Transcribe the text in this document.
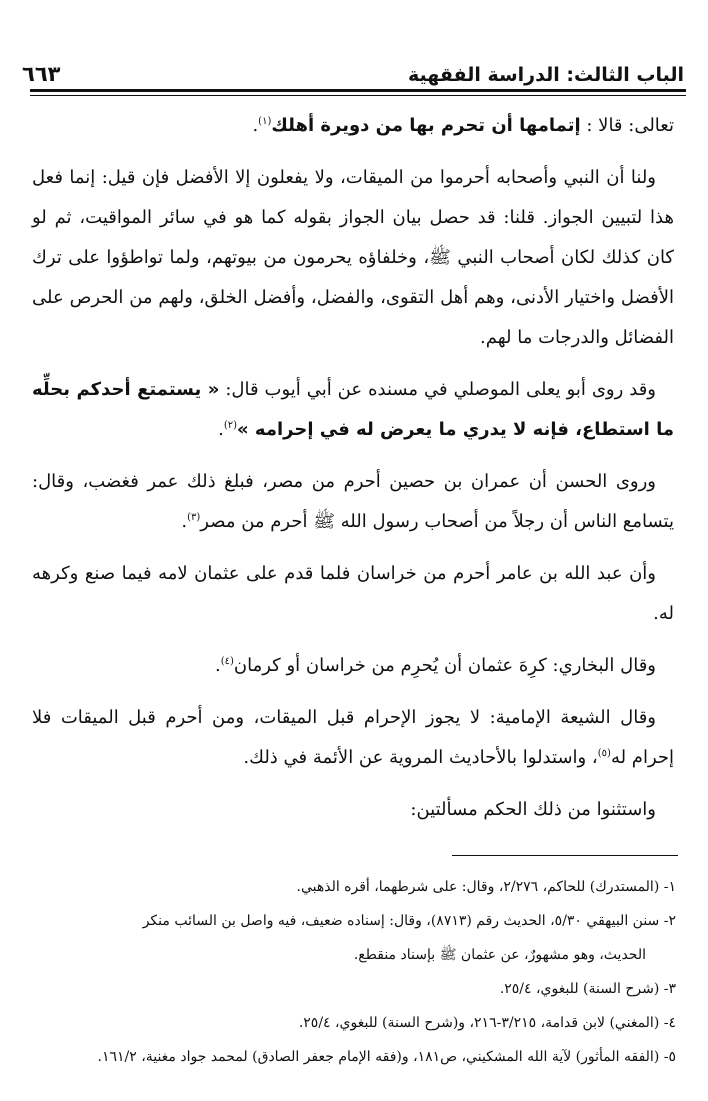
الباب الثالث: الدراسة الفقهية
٦٦٣

تعالى: قالا : إتمامها أن تحرم بها من دويرة أهلك$^{(١)}$.

ولنا أن النبي وأصحابه أحرموا من الميقات، ولا يفعلون إلا الأفضل فإن قيل: إنما فعل هذا لتبيين الجواز. قلنا: قد حصل بيان الجواز بقوله كما هو في سائر المواقيت، ثم لو كان كذلك لكان أصحاب النبي ﷺ، وخلفاؤه يحرمون من بيوتهم، ولما تواطؤوا على ترك الأفضل واختيار الأدنى، وهم أهل التقوى، والفضل، وأفضل الخلق، ولهم من الحرص على الفضائل والدرجات ما لهم.

وقد روى أبو يعلى الموصلي في مسنده عن أبي أيوب قال: « يستمتع أحدكم بحلِّه ما استطاع، فإنه لا يدري ما يعرض له في إحرامه »$^{(٢)}$.

وروى الحسن أن عمران بن حصين أحرم من مصر، فبلغ ذلك عمر فغضب، وقال: يتسامع الناس أن رجلاً من أصحاب رسول الله ﷺ أحرم من مصر$^{(٣)}$.

وأن عبد الله بن عامر أحرم من خراسان فلما قدم على عثمان لامه فيما صنع وكرهه له.

وقال البخاري: كرِهَ عثمان أن يُحرِم من خراسان أو كرمان$^{(٤)}$.

وقال الشيعة الإمامية: لا يجوز الإحرام قبل الميقات، ومن أحرم قبل الميقات فلا إحرام له$^{(٥)}$، واستدلوا بالأحاديث المروية عن الأئمة في ذلك.

واستثنوا من ذلك الحكم مسألتين:

١- (المستدرك) للحاكم، ٢/٢٧٦، وقال: على شرطهما، أقره الذهبي.
٢- سنن البيهقي ٥/٣٠، الحديث رقم (٨٧١٣)، وقال: إسناده ضعيف، فيه واصل بن السائب منكر
الحديث، وهو مشهورٌ، عن عثمان ﷺ بإسناد منقطع.
٣- (شرح السنة) للبغوي، ٢٥/٤.
٤- (المغني) لابن قدامة، ٣/٢١٥-٢١٦، و(شرح السنة) للبغوي، ٢٥/٤.
٥- (الفقه المأثور) لآية الله المشكيني، ص١٨١، و(فقه الإمام جعفر الصادق) لمحمد جواد مغنية، ١٦١/٢.
